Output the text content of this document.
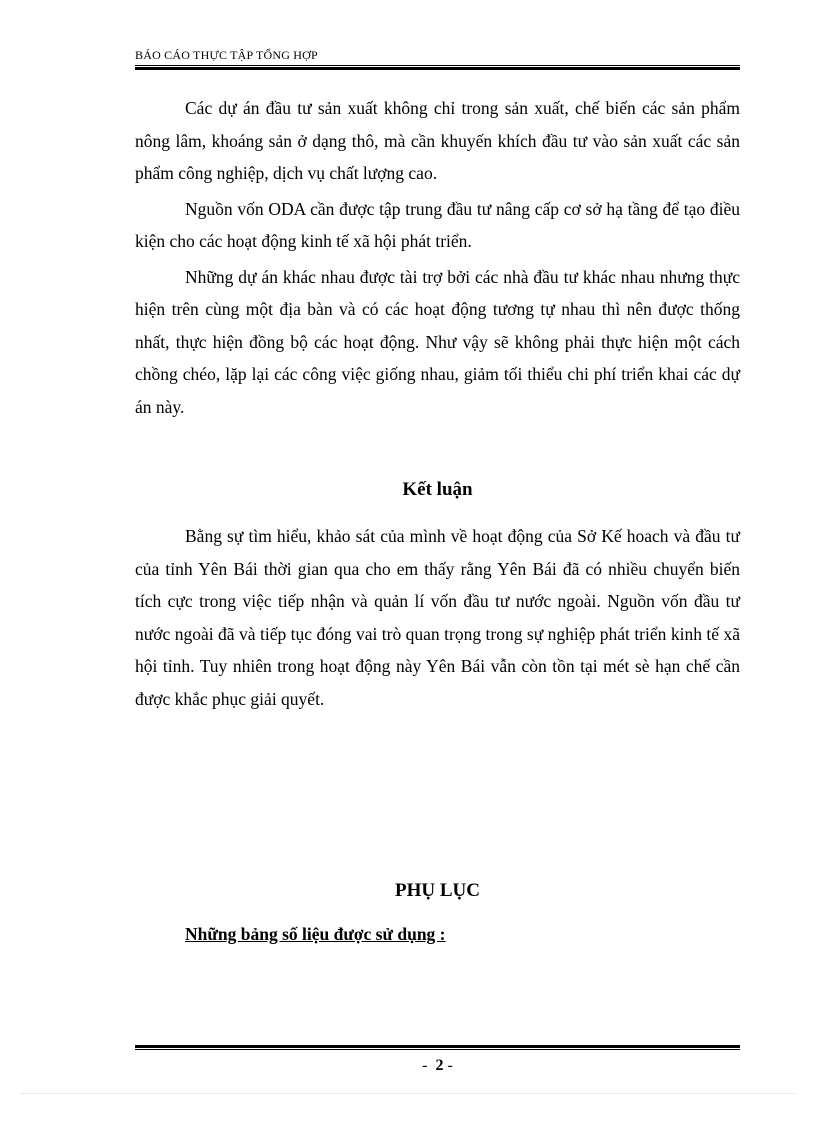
BÁO CÁO THỰC TẬP TỔNG HỢP

Các dự án đầu tư sản xuất không chỉ trong sản xuất, chế biến các sản phẩm nông lâm, khoáng sản ở dạng thô, mà cần khuyến khích đầu tư vào sản xuất các sản phẩm công nghiệp, dịch vụ chất lượng cao.

Nguồn vốn ODA cần được tập trung đầu tư nâng cấp cơ sở hạ tầng để tạo điều kiện cho các hoạt động kinh tế xã hội phát triển.

Những dự án khác nhau được tài trợ bởi các nhà đầu tư khác nhau nhưng thực hiện trên cùng một địa bàn và có các hoạt động tương tự nhau thì nên được thống nhất, thực hiện đồng bộ các hoạt động. Như vậy sẽ không phải thực hiện một cách chồng chéo, lặp lại các công việc giống nhau, giảm tối thiểu chi phí triển khai các dự án này.

Kết luận

Bằng sự tìm hiểu, khảo sát của mình về hoạt động của Sở Kế hoach và đầu tư của tỉnh Yên Bái thời gian qua cho em thấy rằng Yên Bái đã có nhiều chuyển biến tích cực trong việc tiếp nhận và quản lí vốn đầu tư nước ngoài. Nguồn vốn đầu tư nước ngoài đã và tiếp tục đóng vai trò quan trọng trong sự nghiệp phát triển kinh tế xã hội tỉnh. Tuy nhiên trong hoạt động này Yên Bái vẫn còn tồn tại mét sè hạn chế cần được khắc phục giải quyết.

PHỤ LỤC
Những bảng số liệu được sử dụng :
-  2 -
